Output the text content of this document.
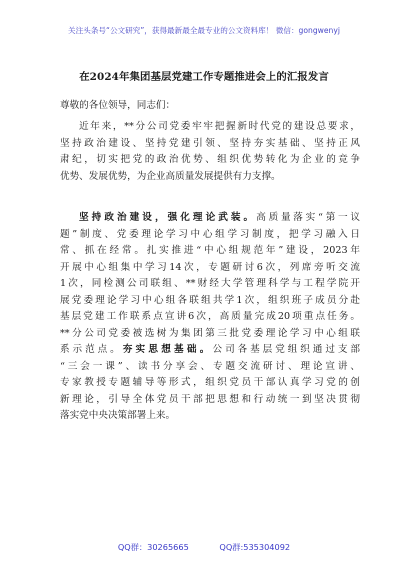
关注头条号“公文研究”，获得最新最全最专业的公文资料库！ 微信：gongwenyj
在2024年集团基层党建工作专题推进会上的汇报发言
尊敬的各位领导，同志们：
近年来，**分公司党委牢牢把握新时代党的建设总要求，
坚持政治建设、坚持党建引领、坚持夯实基础、坚持正风
肃纪，切实把党的政治优势、组织优势转化为企业的竞争
优势、发展优势，为企业高质量发展提供有力支撑。
坚持政治建设，强化理论武装。高质量落实“第一议
题”制度、党委理论学习中心组学习制度，把学习融入日
常、抓在经常。扎实推进“中心组规范年”建设，2023年
开展中心组集中学习14次，专题研讨6次，列席旁听交流
1次，同检测公司联组、**财经大学管理科学与工程学院开
展党委理论学习中心组各联组共学1次，组织班子成员分赴
基层党建工作联系点宣讲6次，高质量完成20项重点任务。
**分公司党委被选树为集团第三批党委理论学习中心组联
系示范点。夯实思想基础。公司各基层党组织通过支部
“三会一课”、读书分享会、专题交流研讨、理论宣讲、
专家教授专题辅导等形式，组织党员干部认真学习党的创
新理论，引导全体党员干部把思想和行动统一到坚决贯彻
落实党中央决策部署上来。
QQ群：30265665	QQ群:535304092
